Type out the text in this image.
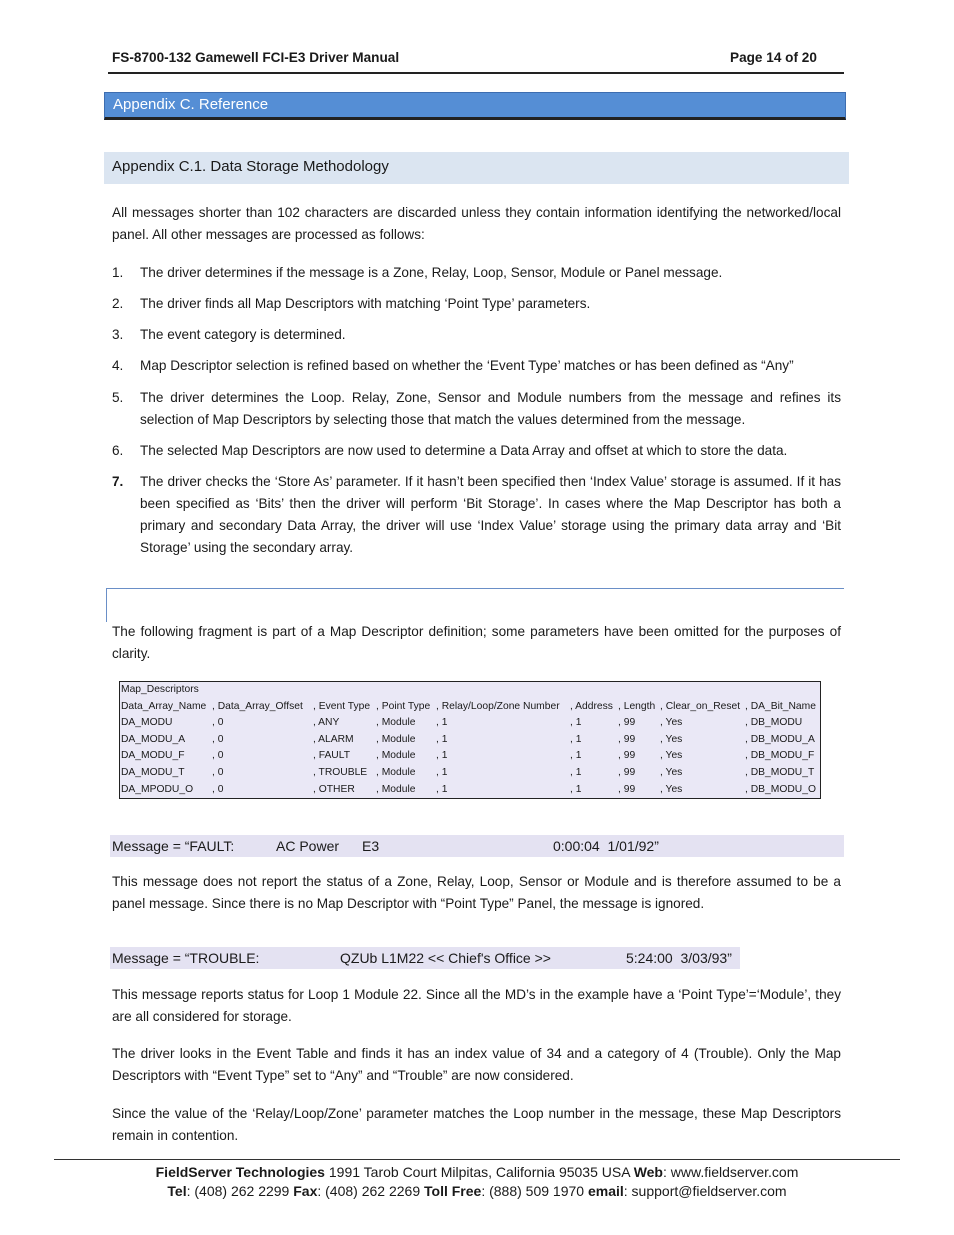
FS-8700-132 Gamewell FCI-E3 Driver Manual	Page 14 of 20
Appendix C. Reference
Appendix C.1. Data Storage Methodology

All messages shorter than 102 characters are discarded unless they contain information identifying the networked/local panel. All other messages are processed as follows:

1. The driver determines if the message is a Zone, Relay, Loop, Sensor, Module or Panel message.
2. The driver finds all Map Descriptors with matching ‘Point Type’ parameters.
3. The event category is determined.
4. Map Descriptor selection is refined based on whether the ‘Event Type’ matches or has been defined as “Any”
5. The driver determines the Loop. Relay, Zone, Sensor and Module numbers from the message and refines its selection of Map Descriptors by selecting those that match the values determined from the message.
6. The selected Map Descriptors are now used to determine a Data Array and offset at which to store the data.
7. The driver checks the ‘Store As’ parameter. If it hasn’t been specified then ‘Index Value’ storage is assumed. If it has been specified as ‘Bits’ then the driver will perform ‘Bit Storage’. In cases where the Map Descriptor has both a primary and secondary Data Array, the driver will use ‘Index Value’ storage using the primary data array and ‘Bit Storage’ using the secondary array.

The following fragment is part of a Map Descriptor definition; some parameters have been omitted for the purposes of clarity.

Map_Descriptors
Data_Array_Name , Data_Array_Offset , Event Type , Point Type , Relay/Loop/Zone Number , Address , Length , Clear_on_Reset , DA_Bit_Name
DA_MODU	, 0	, ANY	, Module , 1	, 1	, 99 , Yes	, DB_MODU
DA_MODU_A	, 0	, ALARM , Module , 1	, 1	, 99 , Yes	, DB_MODU_A
DA_MODU_F	, 0	, FAULT	, Module , 1	, 1	, 99 , Yes	, DB_MODU_F
DA_MODU_T	, 0	, TROUBLE , Module , 1	, 1	, 99 , Yes	, DB_MODU_T
DA_MPODU_O , 0	, OTHER , Module , 1	, 1	, 99 , Yes	, DB_MODU_O
Message = “FAULT:	AC Power E3	0:00:04  1/01/92”

This message does not report the status of a Zone, Relay, Loop, Sensor or Module and is therefore assumed to be a panel message. Since there is no Map Descriptor with “Point Type” Panel, the message is ignored.

Message = “TROUBLE:	QZUb L1M22 << Chief's Office >>	5:24:00  3/03/93”

This message reports status for Loop 1 Module 22. Since all the MD’s in the example have a ‘Point Type’=‘Module’, they are all considered for storage.

The driver looks in the Event Table and finds it has an index value of 34 and a category of 4 (Trouble). Only the Map Descriptors with “Event Type” set to “Any” and “Trouble” are now considered.

Since the value of the ‘Relay/Loop/Zone’ parameter matches the Loop number in the message, these Map Descriptors remain in contention.

FieldServer Technologies 1991 Tarob Court Milpitas, California 95035 USA Web: www.fieldserver.com
Tel: (408) 262 2299 Fax: (408) 262 2269 Toll Free: (888) 509 1970 email: support@fieldserver.com
